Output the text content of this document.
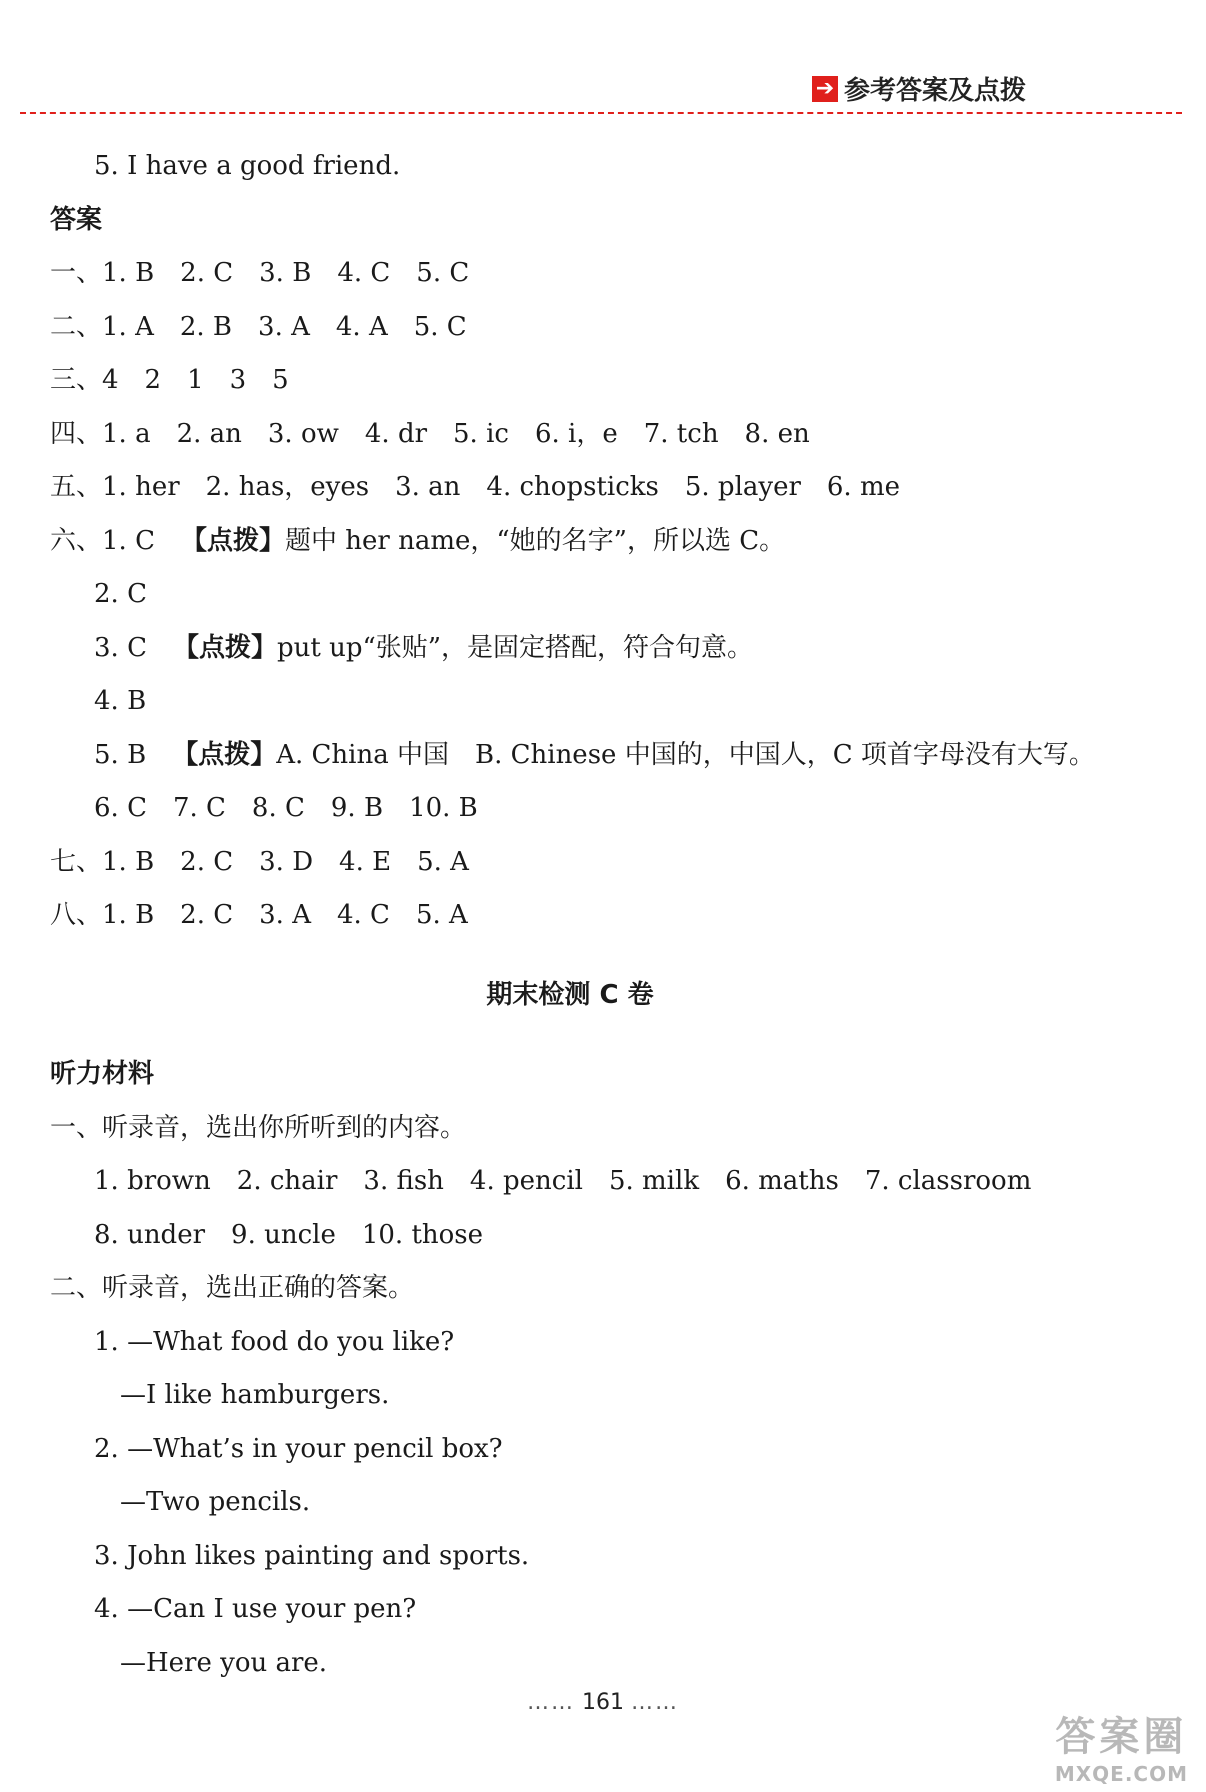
➔ 参考答案及点拨
5. I have a good friend.
答案
一、1. B　2. C　3. B　4. C　5. C
二、1. A　2. B　3. A　4. A　5. C
三、4　2　1　3　5
四、1. a　2. an　3. ow　4. dr　5. ic　6. i，e　7. tch　8. en
五、1. her　2. has，eyes　3. an　4. chopsticks　5. player　6. me
六、1. C 【点拨】题中 her name，“她的名字”，所以选 C。
2. C
3. C 【点拨】put up“张贴”，是固定搭配，符合句意。
4. B
5. B 【点拨】A. China 中国　B. Chinese 中国的，中国人，C 项首字母没有大写。
6. C　7. C　8. C　9. B　10. B
七、1. B　2. C　3. D　4. E　5. A
八、1. B　2. C　3. A　4. C　5. A
期末检测 C 卷
听力材料
一、听录音，选出你所听到的内容。
1. brown　2. chair　3. fish　4. pencil　5. milk　6. maths　7. classroom
8. under　9. uncle　10. those
二、听录音，选出正确的答案。
1. —What food do you like?
—I like hamburgers.
2. —What’s in your pencil box?
—Two pencils.
3. John likes painting and sports.
4. —Can I use your pen?
—Here you are.
…… 161 ……
答案圈
MXQE.COM
